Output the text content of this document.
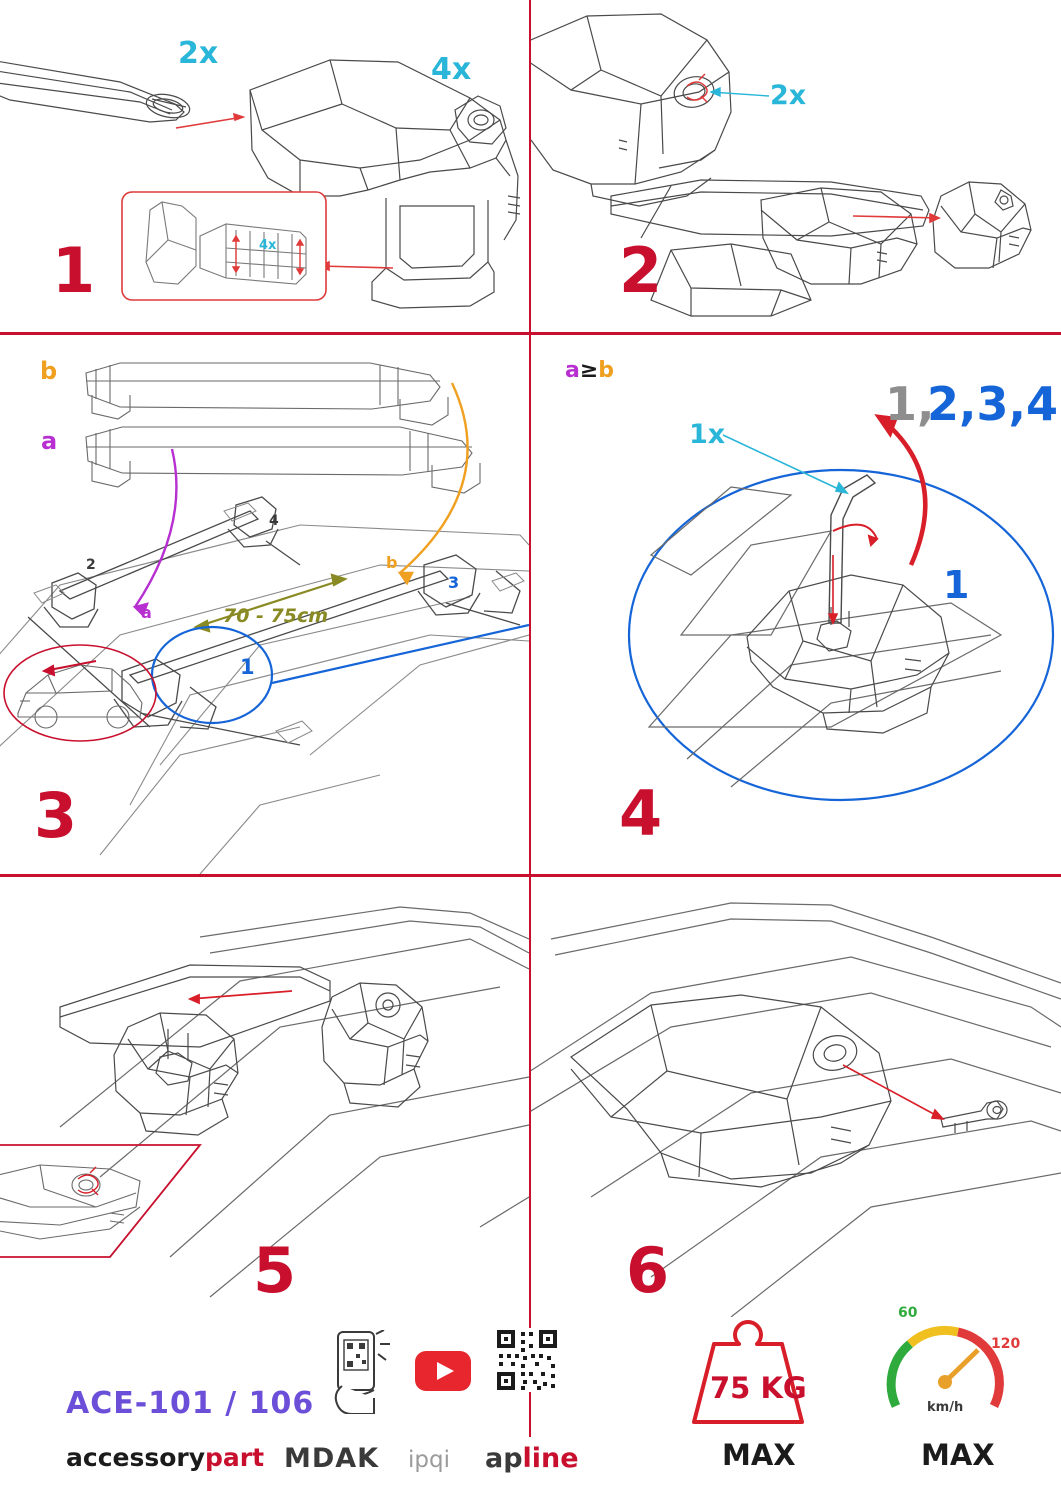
2x	4x
4x
1
2x
2
b
a
a
b
70 - 75cm
1
2
3
4
3
1x
1,
2,3,4
1
4
5	6
ACE-101 / 106
accessorypart MDAK ipqi apline
75 KG
MAX
60
120
km/h
MAX
a≥b
